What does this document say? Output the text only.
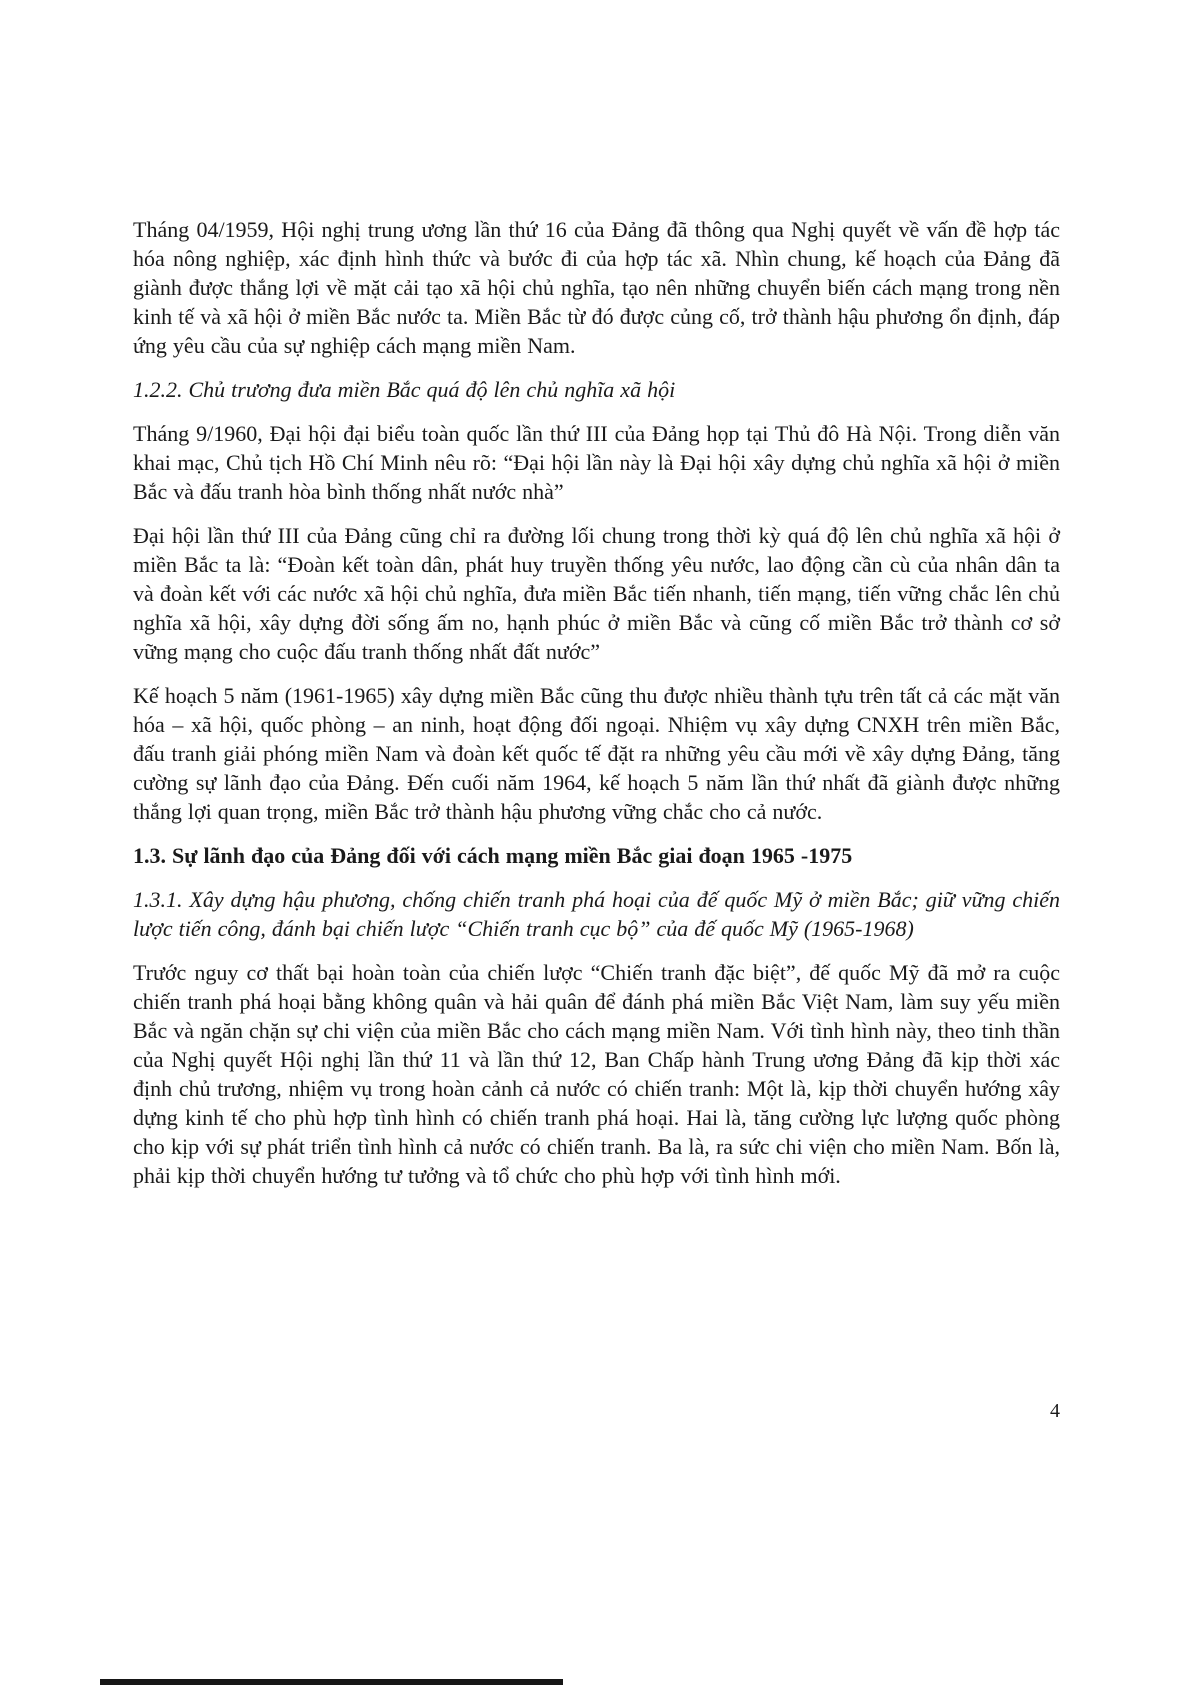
Tháng 04/1959, Hội nghị trung ương lần thứ 16 của Đảng đã thông qua Nghị quyết về vấn đề hợp tác hóa nông nghiệp, xác định hình thức và bước đi của hợp tác xã. Nhìn chung, kế hoạch của Đảng đã giành được thắng lợi về mặt cải tạo xã hội chủ nghĩa, tạo nên những chuyển biến cách mạng trong nền kinh tế và xã hội ở miền Bắc nước ta. Miền Bắc từ đó được củng cố, trở thành hậu phương ổn định, đáp ứng yêu cầu của sự nghiệp cách mạng miền Nam.

1.2.2. Chủ trương đưa miền Bắc quá độ lên chủ nghĩa xã hội

Tháng 9/1960, Đại hội đại biểu toàn quốc lần thứ III của Đảng họp tại Thủ đô Hà Nội. Trong diễn văn khai mạc, Chủ tịch Hồ Chí Minh nêu rõ: “Đại hội lần này là Đại hội xây dựng chủ nghĩa xã hội ở miền Bắc và đấu tranh hòa bình thống nhất nước nhà”

Đại hội lần thứ III của Đảng cũng chỉ ra đường lối chung trong thời kỳ quá độ lên chủ nghĩa xã hội ở miền Bắc ta là: “Đoàn kết toàn dân, phát huy truyền thống yêu nước, lao động cần cù của nhân dân ta và đoàn kết với các nước xã hội chủ nghĩa, đưa miền Bắc tiến nhanh, tiến mạng, tiến vững chắc lên chủ nghĩa xã hội, xây dựng đời sống ấm no, hạnh phúc ở miền Bắc và cũng cố miền Bắc trở thành cơ sở vững mạng cho cuộc đấu tranh thống nhất đất nước”

Kế hoạch 5 năm (1961-1965) xây dựng miền Bắc cũng thu được nhiều thành tựu trên tất cả các mặt văn hóa – xã hội, quốc phòng – an ninh, hoạt động đối ngoại. Nhiệm vụ xây dựng CNXH trên miền Bắc, đấu tranh giải phóng miền Nam và đoàn kết quốc tế đặt ra những yêu cầu mới về xây dựng Đảng, tăng cường sự lãnh đạo của Đảng. Đến cuối năm 1964, kế hoạch 5 năm lần thứ nhất đã giành được những thắng lợi quan trọng, miền Bắc trở thành hậu phương vững chắc cho cả nước.

1.3. Sự lãnh đạo của Đảng đối với cách mạng miền Bắc giai đoạn 1965 -1975

1.3.1. Xây dựng hậu phương, chống chiến tranh phá hoại của đế quốc Mỹ ở miền Bắc; giữ vững chiến lược tiến công, đánh bại chiến lược “Chiến tranh cục bộ” của đế quốc Mỹ (1965-1968)

Trước nguy cơ thất bại hoàn toàn của chiến lược “Chiến tranh đặc biệt”, đế quốc Mỹ đã mở ra cuộc chiến tranh phá hoại bằng không quân và hải quân để đánh phá miền Bắc Việt Nam, làm suy yếu miền Bắc và ngăn chặn sự chi viện của miền Bắc cho cách mạng miền Nam. Với tình hình này, theo tinh thần của Nghị quyết Hội nghị lần thứ 11 và lần thứ 12, Ban Chấp hành Trung ương Đảng đã kịp thời xác định chủ trương, nhiệm vụ trong hoàn cảnh cả nước có chiến tranh: Một là, kịp thời chuyển hướng xây dựng kinh tế cho phù hợp tình hình có chiến tranh phá hoại. Hai là, tăng cường lực lượng quốc phòng cho kịp với sự phát triển tình hình cả nước có chiến tranh. Ba là, ra sức chi viện cho miền Nam. Bốn là, phải kịp thời chuyển hướng tư tưởng và tổ chức cho phù hợp với tình hình mới.

4
